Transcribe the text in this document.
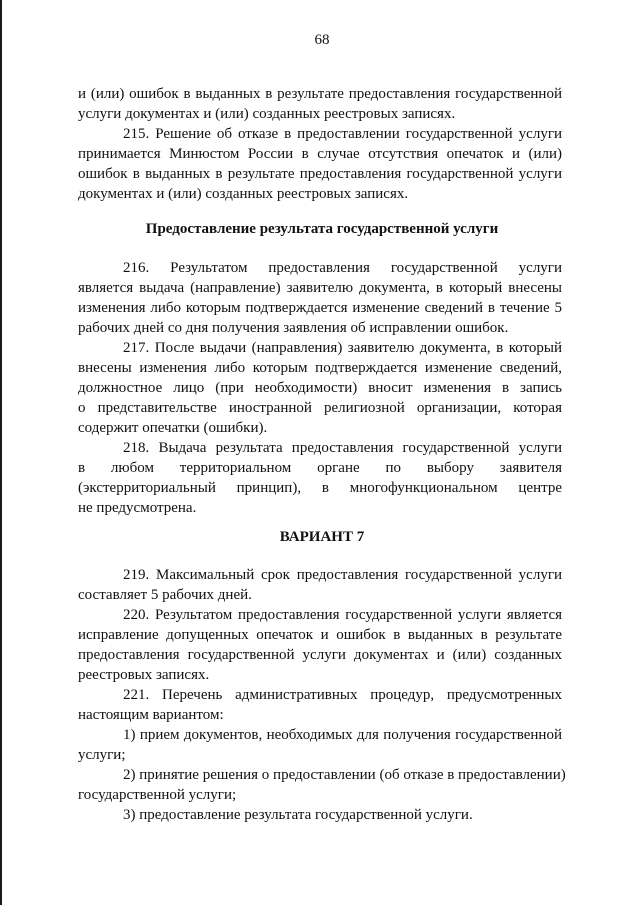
68
и (или) ошибок в выданных в результате предоставления государственной
услуги документах и (или) созданных реестровых записях.
215. Решение об отказе в предоставлении государственной услуги
принимается Минюстом России в случае отсутствия опечаток и (или)
ошибок в выданных в результате предоставления государственной услуги
документах и (или) созданных реестровых записях.
Предоставление результата государственной услуги
216. Результатом предоставления государственной услуги
является выдача (направление) заявителю документа, в который внесены
изменения либо которым подтверждается изменение сведений в течение 5
рабочих дней со дня получения заявления об исправлении ошибок.
217. После выдачи (направления) заявителю документа, в который
внесены изменения либо которым подтверждается изменение сведений,
должностное лицо (при необходимости) вносит изменения в запись
о представительстве иностранной религиозной организации, которая
содержит опечатки (ошибки).
218. Выдача результата предоставления государственной услуги
в любом территориальном органе по выбору заявителя
(экстерриториальный принцип), в многофункциональном центре
не предусмотрена.
ВАРИАНТ 7
219. Максимальный срок предоставления государственной услуги
составляет 5 рабочих дней.
220. Результатом предоставления государственной услуги является
исправление допущенных опечаток и ошибок в выданных в результате
предоставления государственной услуги документах и (или) созданных
реестровых записях.
221. Перечень административных процедур, предусмотренных
настоящим вариантом:
1) прием документов, необходимых для получения государственной
услуги;
2) принятие решения о предоставлении (об отказе в предоставлении)
государственной услуги;
3) предоставление результата государственной услуги.
